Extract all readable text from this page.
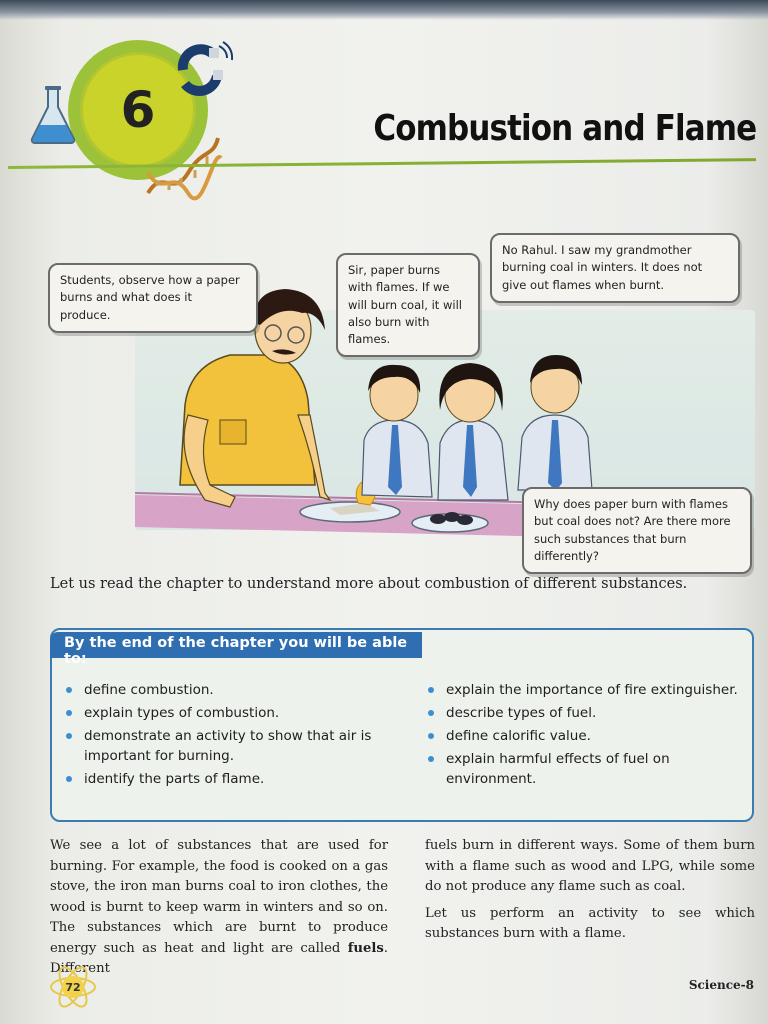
6	Combustion and Flame
Students, observe how a paper burns and what does it produce.
Sir, paper burns with flames. If we will burn coal, it will also burn with flames.
No Rahul. I saw my grandmother burning coal in winters. It does not give out flames when burnt.
Why does paper burn with flames but coal does not? Are there more such substances that burn differently?
Let us read the chapter to understand more about combustion of different substances.
By the end of the chapter you will be able to:
define combustion.
explain types of combustion.
demonstrate an activity to show that air is important for burning.
identify the parts of flame.
explain the importance of fire extinguisher.
describe types of fuel.
define calorific value.
explain harmful effects of fuel on environment.

We see a lot of substances that are used for burning. For example, the food is cooked on a gas stove, the iron man burns coal to iron clothes, the wood is burnt to keep warm in winters and so on. The substances which are burnt to produce energy such as heat and light are called fuels. Different

fuels burn in different ways. Some of them burn with a flame such as wood and LPG, while some do not produce any flame such as coal.

Let us perform an activity to see which substances burn with a flame.

72	Science-8
